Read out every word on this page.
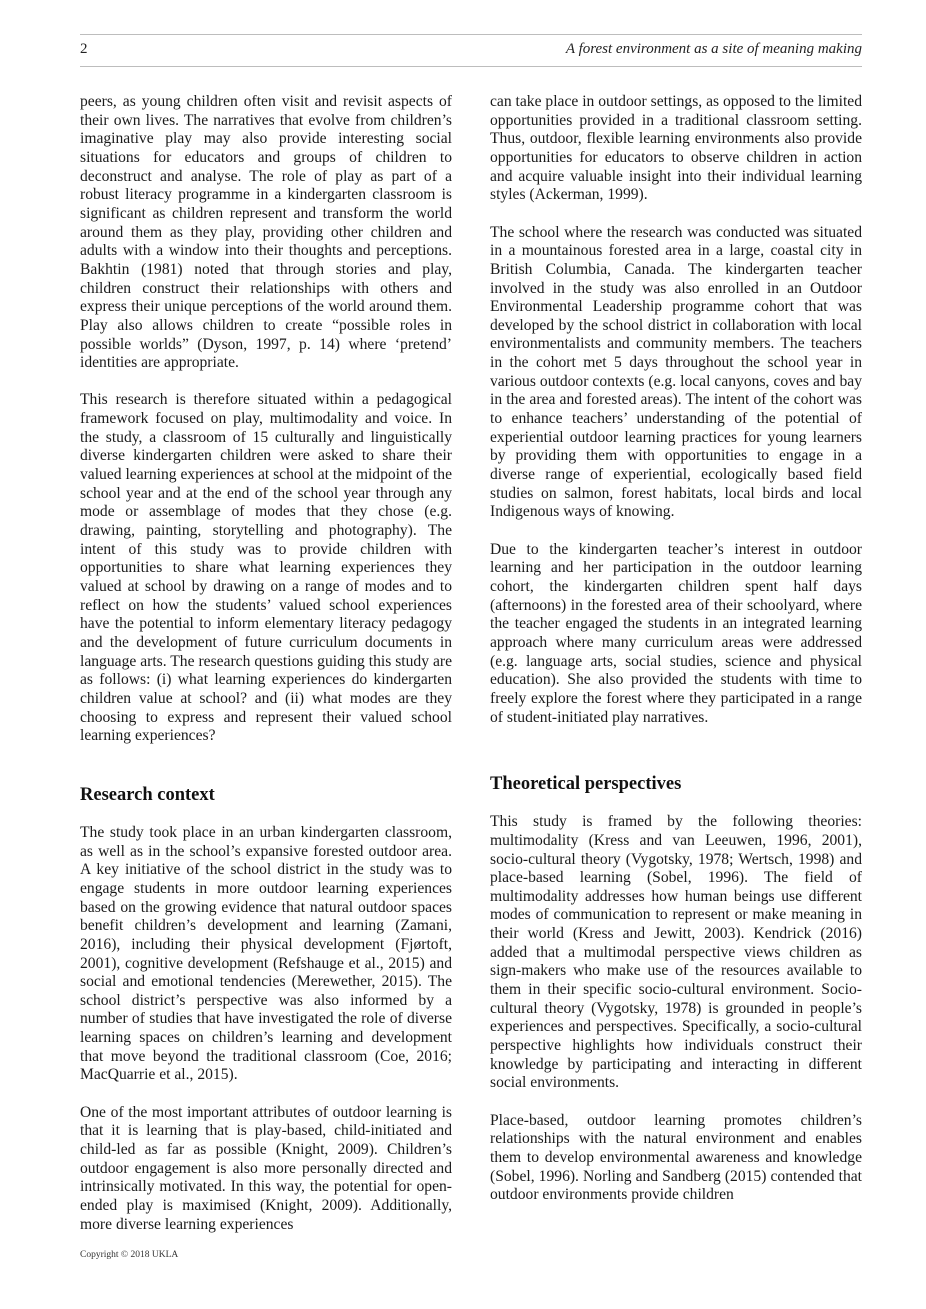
2	A forest environment as a site of meaning making

peers, as young children often visit and revisit aspects of their own lives. The narratives that evolve from children’s imaginative play may also provide interesting social situations for educators and groups of children to deconstruct and analyse. The role of play as part of a robust literacy programme in a kindergarten classroom is significant as children represent and transform the world around them as they play, providing other children and adults with a window into their thoughts and perceptions. Bakhtin (1981) noted that through stories and play, children construct their relationships with others and express their unique perceptions of the world around them. Play also allows children to create “possible roles in possible worlds” (Dyson, 1997, p. 14) where ‘pretend’ identities are appropriate.

This research is therefore situated within a pedagogical framework focused on play, multimodality and voice. In the study, a classroom of 15 culturally and linguistically diverse kindergarten children were asked to share their valued learning experiences at school at the midpoint of the school year and at the end of the school year through any mode or assemblage of modes that they chose (e.g. drawing, painting, storytelling and photography). The intent of this study was to provide children with opportunities to share what learning experiences they valued at school by drawing on a range of modes and to reflect on how the students’ valued school experiences have the potential to inform elementary literacy pedagogy and the development of future curriculum documents in language arts. The research questions guiding this study are as follows: (i) what learning experiences do kindergarten children value at school? and (ii) what modes are they choosing to express and represent their valued school learning experiences?

Research context

The study took place in an urban kindergarten classroom, as well as in the school’s expansive forested outdoor area. A key initiative of the school district in the study was to engage students in more outdoor learning experiences based on the growing evidence that natural outdoor spaces benefit children’s development and learning (Zamani, 2016), including their physical development (Fjørtoft, 2001), cognitive development (Refshauge et al., 2015) and social and emotional tendencies (Merewether, 2015). The school district’s perspective was also informed by a number of studies that have investigated the role of diverse learning spaces on children’s learning and development that move beyond the traditional classroom (Coe, 2016; MacQuarrie et al., 2015).

One of the most important attributes of outdoor learning is that it is learning that is play-based, child-initiated and child-led as far as possible (Knight, 2009). Children’s outdoor engagement is also more personally directed and intrinsically motivated. In this way, the potential for open-ended play is maximised (Knight, 2009). Additionally, more diverse learning experiences

can take place in outdoor settings, as opposed to the limited opportunities provided in a traditional classroom setting. Thus, outdoor, flexible learning environments also provide opportunities for educators to observe children in action and acquire valuable insight into their individual learning styles (Ackerman, 1999).

The school where the research was conducted was situated in a mountainous forested area in a large, coastal city in British Columbia, Canada. The kindergarten teacher involved in the study was also enrolled in an Outdoor Environmental Leadership programme cohort that was developed by the school district in collaboration with local environmentalists and community members. The teachers in the cohort met 5 days throughout the school year in various outdoor contexts (e.g. local canyons, coves and bay in the area and forested areas). The intent of the cohort was to enhance teachers’ understanding of the potential of experiential outdoor learning practices for young learners by providing them with opportunities to engage in a diverse range of experiential, ecologically based field studies on salmon, forest habitats, local birds and local Indigenous ways of knowing.

Due to the kindergarten teacher’s interest in outdoor learning and her participation in the outdoor learning cohort, the kindergarten children spent half days (afternoons) in the forested area of their schoolyard, where the teacher engaged the students in an integrated learning approach where many curriculum areas were addressed (e.g. language arts, social studies, science and physical education). She also provided the students with time to freely explore the forest where they participated in a range of student-initiated play narratives.

Theoretical perspectives

This study is framed by the following theories: multimodality (Kress and van Leeuwen, 1996, 2001), socio-cultural theory (Vygotsky, 1978; Wertsch, 1998) and place-based learning (Sobel, 1996). The field of multimodality addresses how human beings use different modes of communication to represent or make meaning in their world (Kress and Jewitt, 2003). Kendrick (2016) added that a multimodal perspective views children as sign-makers who make use of the resources available to them in their specific socio-cultural environment. Socio-cultural theory (Vygotsky, 1978) is grounded in people’s experiences and perspectives. Specifically, a socio-cultural perspective highlights how individuals construct their knowledge by participating and interacting in different social environments.

Place-based, outdoor learning promotes children’s relationships with the natural environment and enables them to develop environmental awareness and knowledge (Sobel, 1996). Norling and Sandberg (2015) contended that outdoor environments provide children

Copyright © 2018 UKLA
